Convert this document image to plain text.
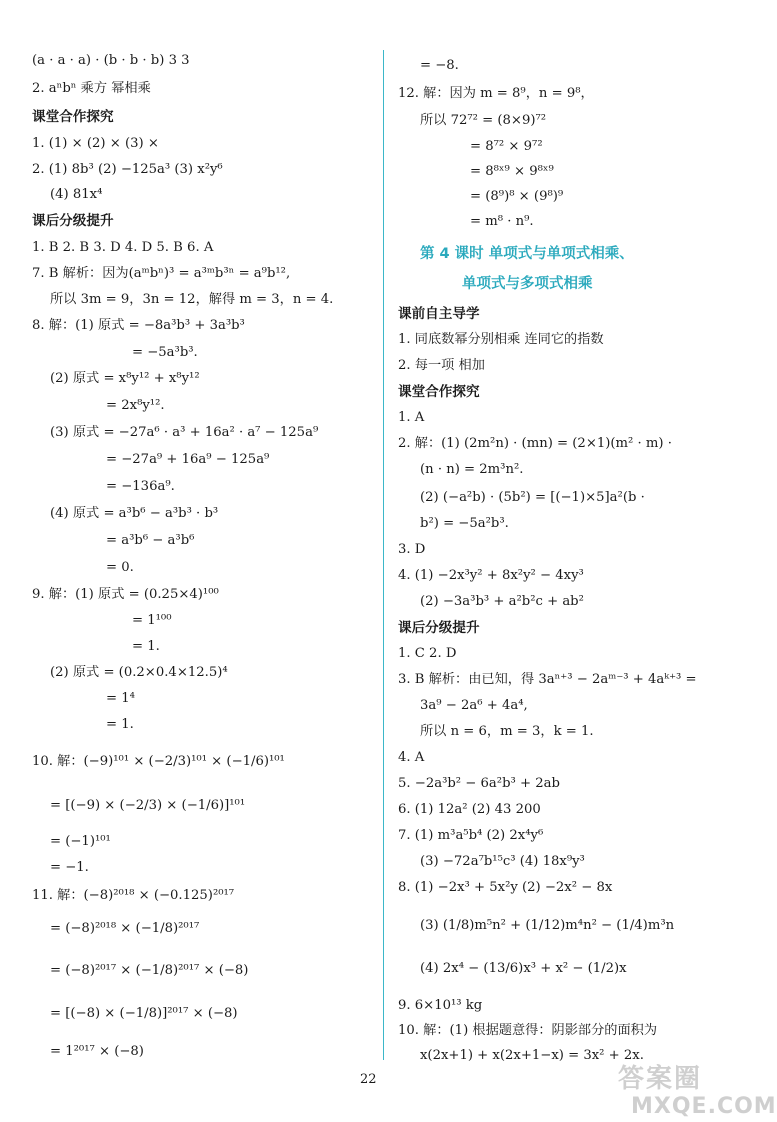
(a · a · a) · (b · b · b) 3 3
2. aⁿbⁿ 乘方 幂相乘
课堂合作探究
1. (1) × (2) × (3) ×
2. (1) 8b³ (2) −125a³ (3) x²y⁶
(4) 81x⁴
课后分级提升
1. B 2. B 3. D 4. D 5. B 6. A
7. B 解析：因为(aᵐbⁿ)³ = a³ᵐb³ⁿ = a⁹b¹²,
所以 3m = 9，3n = 12，解得 m = 3，n = 4.
8. 解：(1) 原式 = −8a³b³ + 3a³b³
= −5a³b³.
(2) 原式 = x⁸y¹² + x⁸y¹²
= 2x⁸y¹².
(3) 原式 = −27a⁶ · a³ + 16a² · a⁷ − 125a⁹
= −27a⁹ + 16a⁹ − 125a⁹
= −136a⁹.
(4) 原式 = a³b⁶ − a³b³ · b³
= a³b⁶ − a³b⁶
= 0.
9. 解：(1) 原式 = (0.25×4)¹⁰⁰
= 1¹⁰⁰
= 1.
(2) 原式 = (0.2×0.4×12.5)⁴
= 1⁴
= 1.
10. 解：(−9)¹⁰¹ × (−2/3)¹⁰¹ × (−1/6)¹⁰¹
= [(−9) × (−2/3) × (−1/6)]¹⁰¹
= (−1)¹⁰¹
= −1.
11. 解：(−8)²⁰¹⁸ × (−0.125)²⁰¹⁷
= (−8)²⁰¹⁸ × (−1/8)²⁰¹⁷
= (−8)²⁰¹⁷ × (−1/8)²⁰¹⁷ × (−8)
= [(−8) × (−1/8)]²⁰¹⁷ × (−8)
= 1²⁰¹⁷ × (−8)
= −8.
12. 解：因为 m = 8⁹，n = 9⁸，
所以 72⁷² = (8×9)⁷²
= 8⁷² × 9⁷²
= 8⁸ˣ⁹ × 9⁸ˣ⁹
= (8⁹)⁸ × (9⁸)⁹
= m⁸ · n⁹.
第 4 课时 单项式与单项式相乘、
单项式与多项式相乘
课前自主导学
1. 同底数幂分别相乘 连同它的指数
2. 每一项 相加
课堂合作探究
1. A
2. 解：(1) (2m²n) · (mn) = (2×1)(m² · m) ·
(n · n) = 2m³n².
(2) (−a²b) · (5b²) = [(−1)×5]a²(b ·
b²) = −5a²b³.
3. D
4. (1) −2x³y² + 8x²y² − 4xy³
(2) −3a³b³ + a²b²c + ab²
课后分级提升
1. C 2. D
3. B 解析：由已知，得 3aⁿ⁺³ − 2aᵐ⁻³ + 4aᵏ⁺³ =
3a⁹ − 2a⁶ + 4a⁴,
所以 n = 6，m = 3，k = 1.
4. A
5. −2a³b² − 6a²b³ + 2ab
6. (1) 12a² (2) 43 200
7. (1) m³a⁵b⁴ (2) 2x⁴y⁶
(3) −72a⁷b¹⁵c³ (4) 18x⁹y³
8. (1) −2x³ + 5x²y (2) −2x² − 8x
(3) (1/8)m⁵n² + (1/12)m⁴n² − (1/4)m³n
(4) 2x⁴ − (13/6)x³ + x² − (1/2)x
9. 6×10¹³ kg
10. 解：(1) 根据题意得：阴影部分的面积为
x(2x+1) + x(2x+1−x) = 3x² + 2x.
22	答案圈
MXQE.COM
